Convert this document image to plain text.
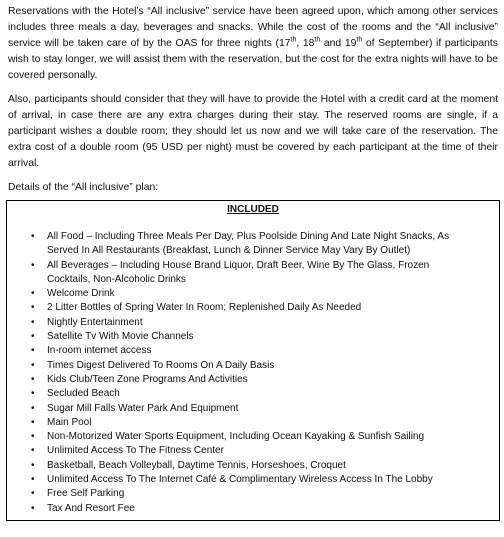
Reservations with the Hotel’s “All inclusive” service have been agreed upon, which among other services includes three meals a day, beverages and snacks. While the cost of the rooms and the “All inclusive” service will be taken care of by the OAS for three nights (17th, 18th and 19th of September) if participants wish to stay longer, we will assist them with the reservation, but the cost for the extra nights will have to be covered personally.

Also, participants should consider that they will have to provide the Hotel with a credit card at the moment of arrival, in case there are any extra charges during their stay. The reserved rooms are single, if a participant wishes a double room; they should let us now and we will take care of the reservation. The extra cost of a double room (95 USD per night) must be covered by each participant at the time of their arrival.

Details of the “All inclusive” plan:

INCLUDED
• All Food – Including Three Meals Per Day, Plus Poolside Dining And Late Night Snacks, As Served In All Restaurants (Breakfast, Lunch & Dinner Service May Vary By Outlet)
• All Beverages – Including House Brand Liquor, Draft Beer, Wine By The Glass, Frozen Cocktails, Non-Alcoholic Drinks
• Welcome Drink
• 2 Litter Bottles of Spring Water In Room; Replenished Daily As Needed
• Nightly Entertainment
• Satellite Tv With Movie Channels
• In-room internet access
• Times Digest Delivered To Rooms On A Daily Basis
• Kids Club/Teen Zone Programs And Activities
• Secluded Beach
• Sugar Mill Falls Water Park And Equipment
• Main Pool
• Non-Motorized Water Sports Equipment, Including Ocean Kayaking & Sunfish Sailing
• Unlimited Access To The Fitness Center
• Basketball, Beach Volleyball, Daytime Tennis, Horseshoes, Croquet
• Unlimited Access To The Internet Café & Complimentary Wireless Access In The Lobby
• Free Self Parking
• Tax And Resort Fee
